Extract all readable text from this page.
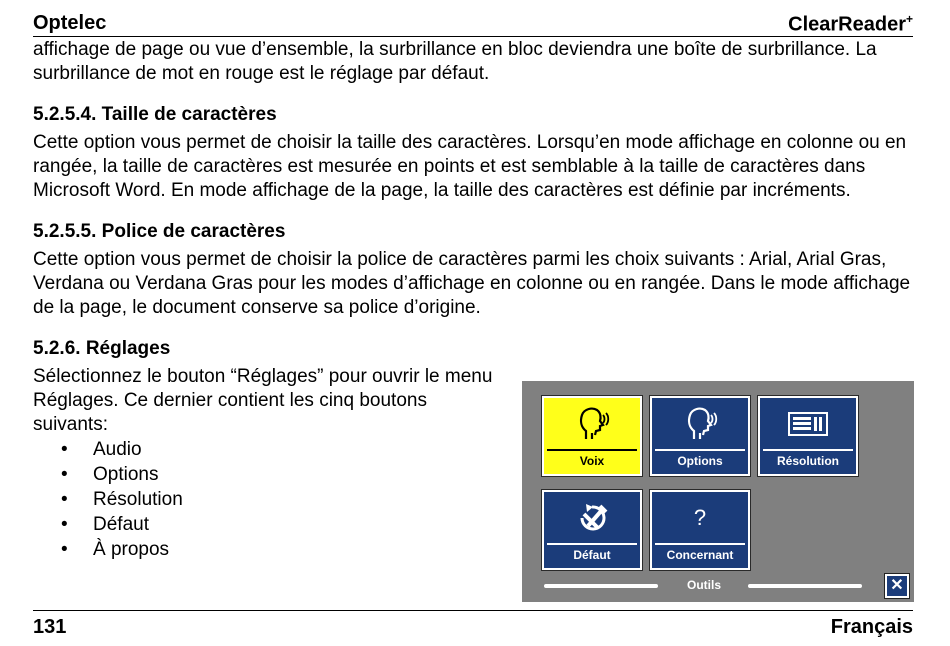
Optelec	ClearReader+

affichage de page ou vue d’ensemble, la surbrillance en bloc deviendra une boîte de surbrillance. La surbrillance de mot en rouge est le réglage par défaut.

5.2.5.4. Taille de caractères

Cette option vous permet de choisir la taille des caractères. Lorsqu’en mode affichage en colonne ou en rangée, la taille de caractères est mesurée en points et est semblable à la taille de caractères dans Microsoft Word. En mode affichage de la page, la taille des caractères est définie par incréments.

5.2.5.5. Police de caractères

Cette option vous permet de choisir la police de caractères parmi les choix suivants : Arial, Arial Gras, Verdana ou Verdana Gras pour les modes d’affichage en colonne ou en rangée. Dans le mode affichage de la page, le document conserve sa police d’origine.

5.2.6. Réglages

Sélectionnez le bouton “Réglages” pour ouvrir le menu Réglages. Ce dernier contient les cinq boutons suivants:

• Audio
• Options
• Résolution
• Défaut
• À propos
Voix	Options	Résolution
Défaut
?
Concernant
Outils	✕
131	Français
